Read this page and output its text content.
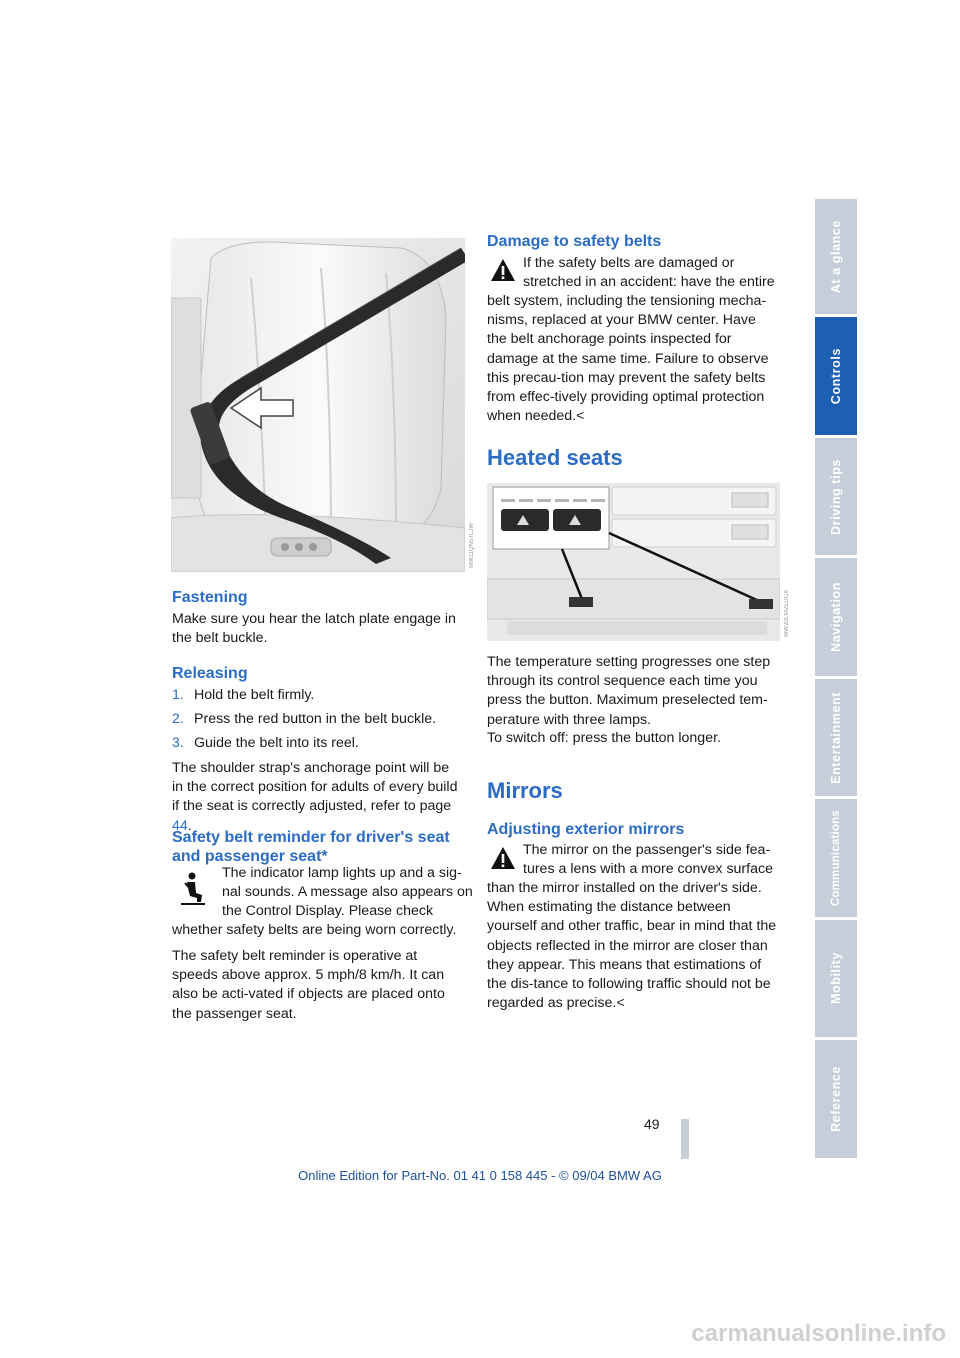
At a glance
Controls
Driving tips
Navigation
Entertainment
Communications
Mobility
Reference
MW11QN5TLJW
Fastening

Make sure you hear the latch plate engage in the belt buckle.

Releasing
1. Hold the belt firmly.
2. Press the red button in the belt buckle.
3. Guide the belt into its reel.

The shoulder strap's anchorage point will be in the correct position for adults of every build if the seat is correctly adjusted, refer to page 44.

Safety belt reminder for driver's seat and passenger seat*

The indicator lamp lights up and a sig-

nal sounds. A message also appears on

the Control Display. Please check

whether safety belts are being worn correctly.

The safety belt reminder is operative at speeds above approx. 5 mph/8 km/h. It can also be acti-vated if objects are placed onto the passenger seat.

Damage to safety belts

If the safety belts are damaged or

stretched in an accident: have the entire

belt system, including the tensioning mecha-nisms, replaced at your BMW center. Have the belt anchorage points inspected for damage at the same time. Failure to observe this precau-tion may prevent the safety belts from effec-tively providing optimal protection when needed.<

Heated seats
MW20CM2EDCA

The temperature setting progresses one step through its control sequence each time you press the button. Maximum preselected tem-perature with three lamps.

To switch off: press the button longer.

Mirrors
Adjusting exterior mirrors

The mirror on the passenger's side fea-

tures a lens with a more convex surface

than the mirror installed on the driver's side. When estimating the distance between yourself and other traffic, bear in mind that the objects reflected in the mirror are closer than they appear. This means that estimations of the dis-tance to following traffic should not be regarded as precise.<

49
Online Edition for Part-No. 01 41 0 158 445 - © 09/04 BMW AG
carmanualsonline.info
